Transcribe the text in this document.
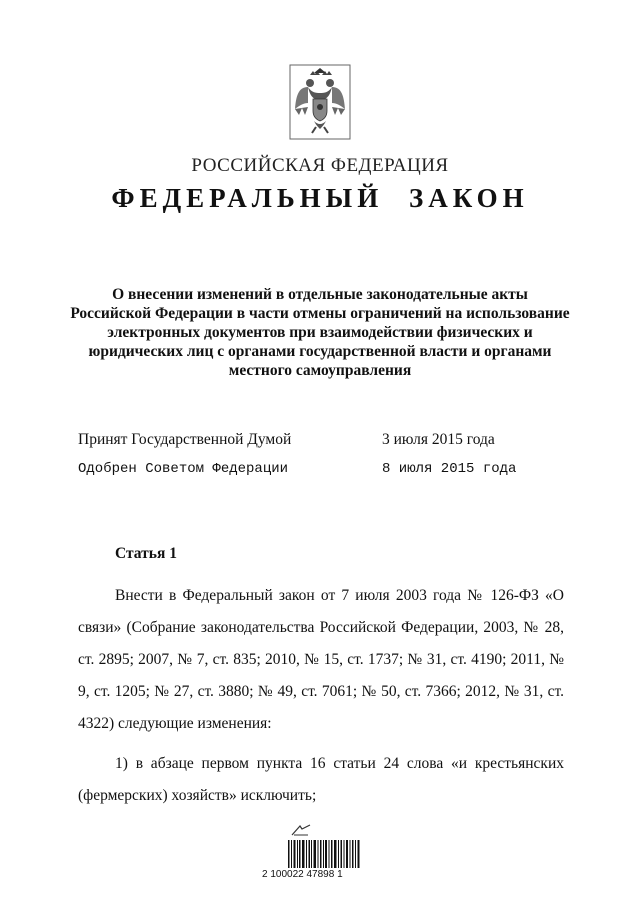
РОССИЙСКАЯ ФЕДЕРАЦИЯ
ФЕДЕРАЛЬНЫЙ ЗАКОН
О внесении изменений в отдельные законодательные акты Российской Федерации в части отмены ограничений на использование электронных документов при взаимодействии физических и юридических лиц с органами государственной власти и органами местного самоуправления
Принят Государственной Думой	3 июля 2015 года
Одобрен Советом Федерации	8 июля 2015 года
Статья 1

Внести в Федеральный закон от 7 июля 2003 года № 126-ФЗ «О связи» (Собрание законодательства Российской Федерации, 2003, № 28, ст. 2895; 2007, № 7, ст. 835; 2010, № 15, ст. 1737; № 31, ст. 4190; 2011, № 9, ст. 1205; № 27, ст. 3880; № 49, ст. 7061; № 50, ст. 7366; 2012, № 31, ст. 4322) следующие изменения:

1) в абзаце первом пункта 16 статьи 24 слова «и крестьянских (фермерских) хозяйств» исключить;

2 100022 47898 1
